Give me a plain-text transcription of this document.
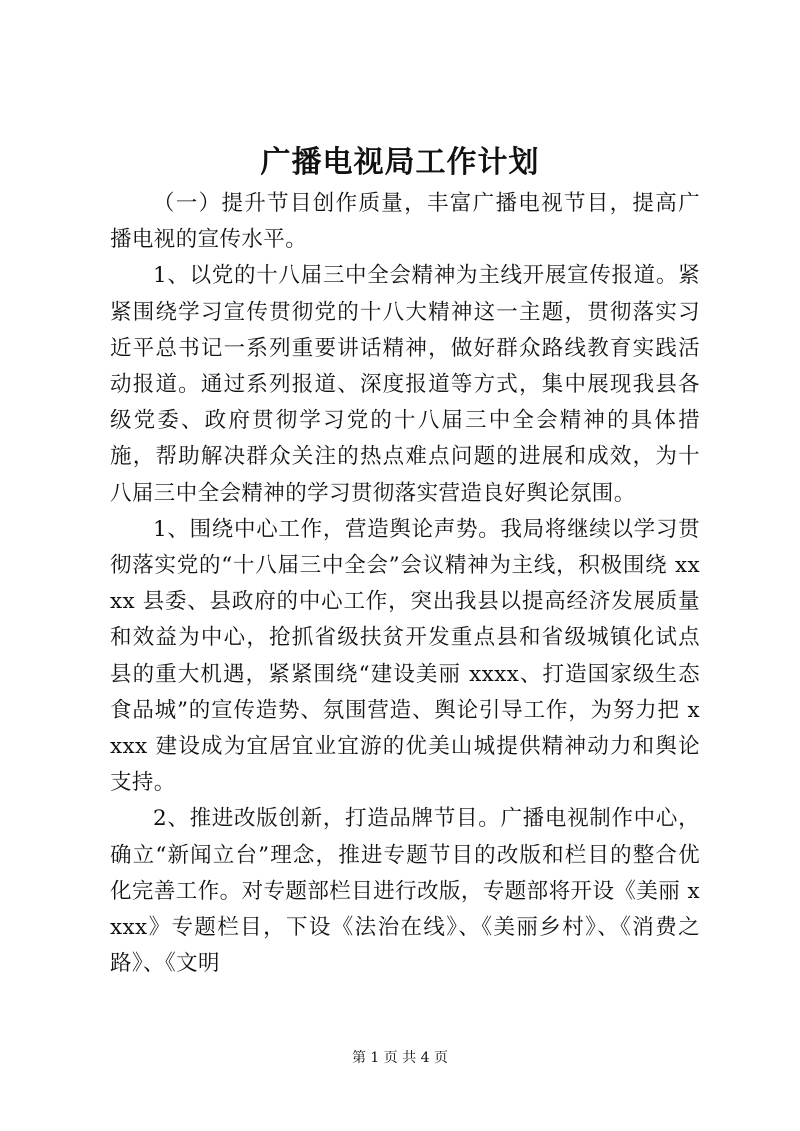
广播电视局工作计划

（一）提升节目创作质量，丰富广播电视节目，提高广播电视的宣传水平。

1、以党的十八届三中全会精神为主线开展宣传报道。紧紧围绕学习宣传贯彻党的十八大精神这一主题，贯彻落实习近平总书记一系列重要讲话精神，做好群众路线教育实践活动报道。通过系列报道、深度报道等方式，集中展现我县各级党委、政府贯彻学习党的十八届三中全会精神的具体措施，帮助解决群众关注的热点难点问题的进展和成效，为十八届三中全会精神的学习贯彻落实营造良好舆论氛围。

1、围绕中心工作，营造舆论声势。我局将继续以学习贯彻落实党的“十八届三中全会”会议精神为主线，积极围绕 xxxx 县委、县政府的中心工作，突出我县以提高经济发展质量和效益为中心，抢抓省级扶贫开发重点县和省级城镇化试点县的重大机遇，紧紧围绕“建设美丽 xxxx、打造国家级生态食品城”的宣传造势、氛围营造、舆论引导工作，为努力把 xxxx 建设成为宜居宜业宜游的优美山城提供精神动力和舆论支持。

2、推进改版创新，打造品牌节目。广播电视制作中心，确立“新闻立台”理念，推进专题节目的改版和栏目的整合优化完善工作。对专题部栏目进行改版，专题部将开设《美丽 xxxx》专题栏目，下设《法治在线》、《美丽乡村》、《消费之路》、《文明

第 1 页 共 4 页
